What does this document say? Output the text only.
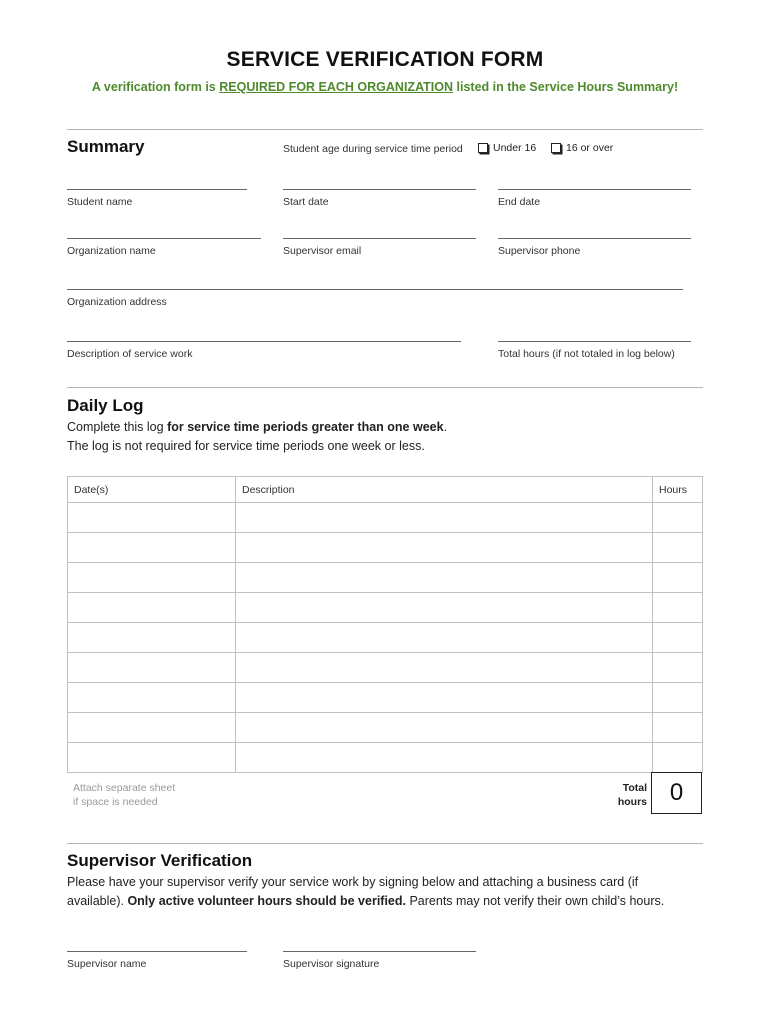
SERVICE VERIFICATION FORM
A verification form is REQUIRED FOR EACH ORGANIZATION listed in the Service Hours Summary!
Summary	Student age during service time period	Under 16	16 or over
Student name	Start date	End date
Organization name	Supervisor email	Supervisor phone
Organization address
Description of service work	Total hours (if not totaled in log below)
Daily Log
Complete this log for service time periods greater than one week.
The log is not required for service time periods one week or less.
Date(s)	Description	Hours

Attach separate sheet
if space is needed
Total
hours 0
Supervisor Verification
Please have your supervisor verify your service work by signing below and attaching a business card (if available). Only active volunteer hours should be verified. Parents may not verify their own child’s hours.
Supervisor name	Supervisor signature
